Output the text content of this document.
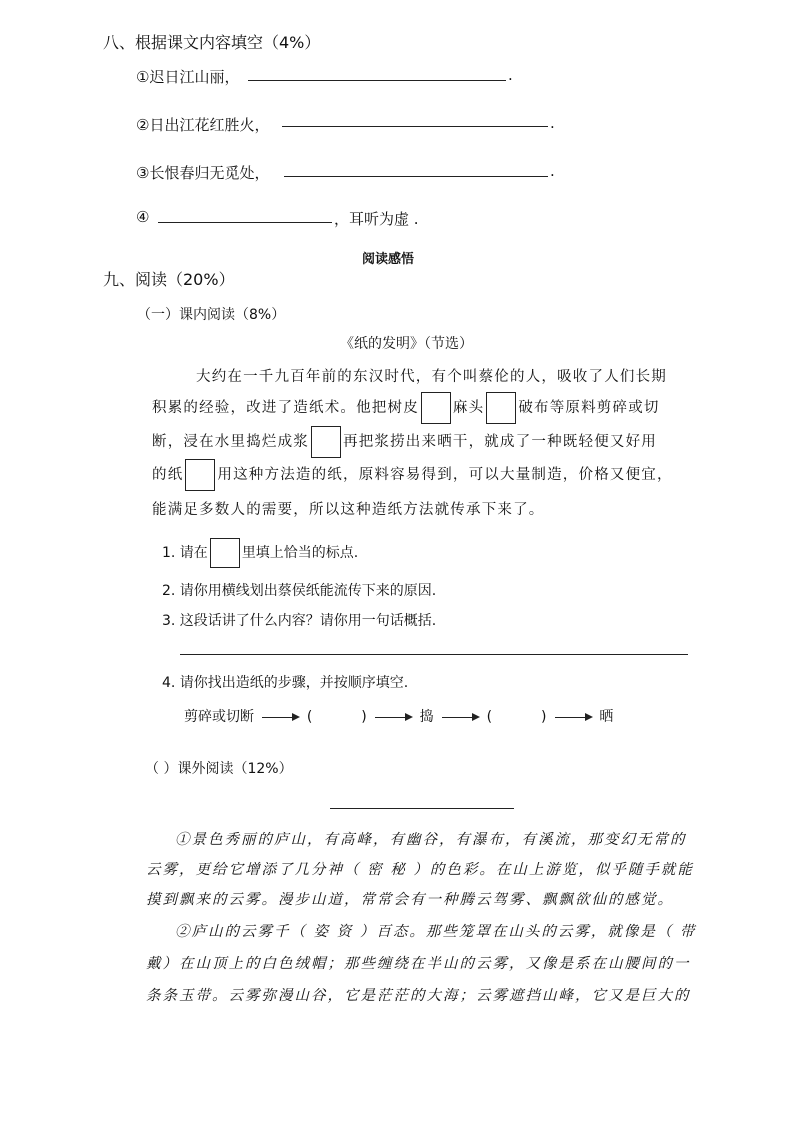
八、根据课文内容填空（4%）
①迟日江山丽，	.
②日出江花红胜火，	.
③长恨春归无觅处，	.
④	，耳听为虚 .
阅读感悟
九、阅读（20%）
（一）课内阅读（8%）
《纸的发明》（节选）
大约在一千九百年前的东汉时代，有个叫蔡伦的人，吸收了人们长期
积累的经验，改进了造纸术。他把树皮 麻头 破布等原料剪碎或切
断，浸在水里捣烂成浆 再把浆捞出来晒干，就成了一种既轻便又好用
的纸 用这种方法造的纸，原料容易得到，可以大量制造，价格又便宜，
能满足多数人的需要，所以这种造纸方法就传承下来了。
1. 请在 里填上恰当的标点.
2. 请你用横线划出蔡侯纸能流传下来的原因.
3. 这段话讲了什么内容？请你用一句话概括.
4. 请你找出造纸的步骤，并按顺序填空.
剪碎或切断	(	)	捣	(	)	晒
（ ）课外阅读（12%）
①景色秀丽的庐山，有高峰，有幽谷，有瀑布，有溪流，那变幻无常的
云雾，更给它增添了几分神（ 密 秘 ）的色彩。在山上游览，似乎随手就能
摸到飘来的云雾。漫步山道，常常会有一种腾云驾雾、飘飘欲仙的感觉。
②庐山的云雾千（ 姿 资 ）百态。那些笼罩在山头的云雾，就像是（ 带
戴）在山顶上的白色绒帽；那些缠绕在半山的云雾，又像是系在山腰间的一
条条玉带。云雾弥漫山谷，它是茫茫的大海；云雾遮挡山峰，它又是巨大的
